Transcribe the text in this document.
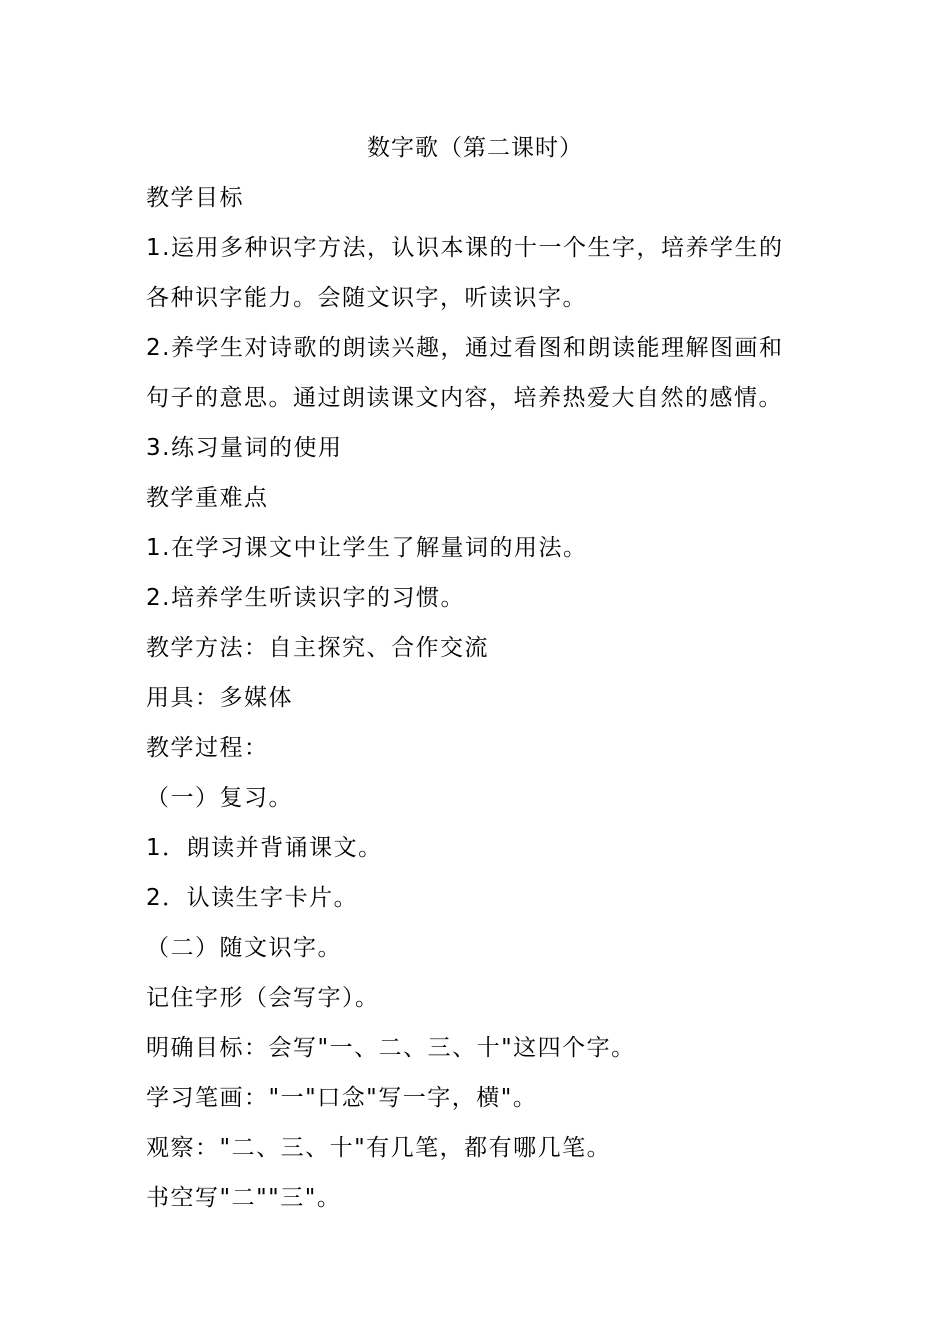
数字歌（第二课时）
教学目标
1.运用多种识字方法，认识本课的十一个生字，培养学生的
各种识字能力。会随文识字，听读识字。
2.养学生对诗歌的朗读兴趣，通过看图和朗读能理解图画和
句子的意思。通过朗读课文内容，培养热爱大自然的感情。
3.练习量词的使用
教学重难点
1.在学习课文中让学生了解量词的用法。
2.培养学生听读识字的习惯。
教学方法：自主探究、合作交流
用具：多媒体
教学过程：
（一）复习。
1．朗读并背诵课文。
2．认读生字卡片。
（二）随文识字。
记住字形（会写字）。
明确目标：会写"一、二、三、十"这四个字。
学习笔画："一"口念"写一字，横"。
观察："二、三、十"有几笔，都有哪几笔。
书空写"二""三"。
